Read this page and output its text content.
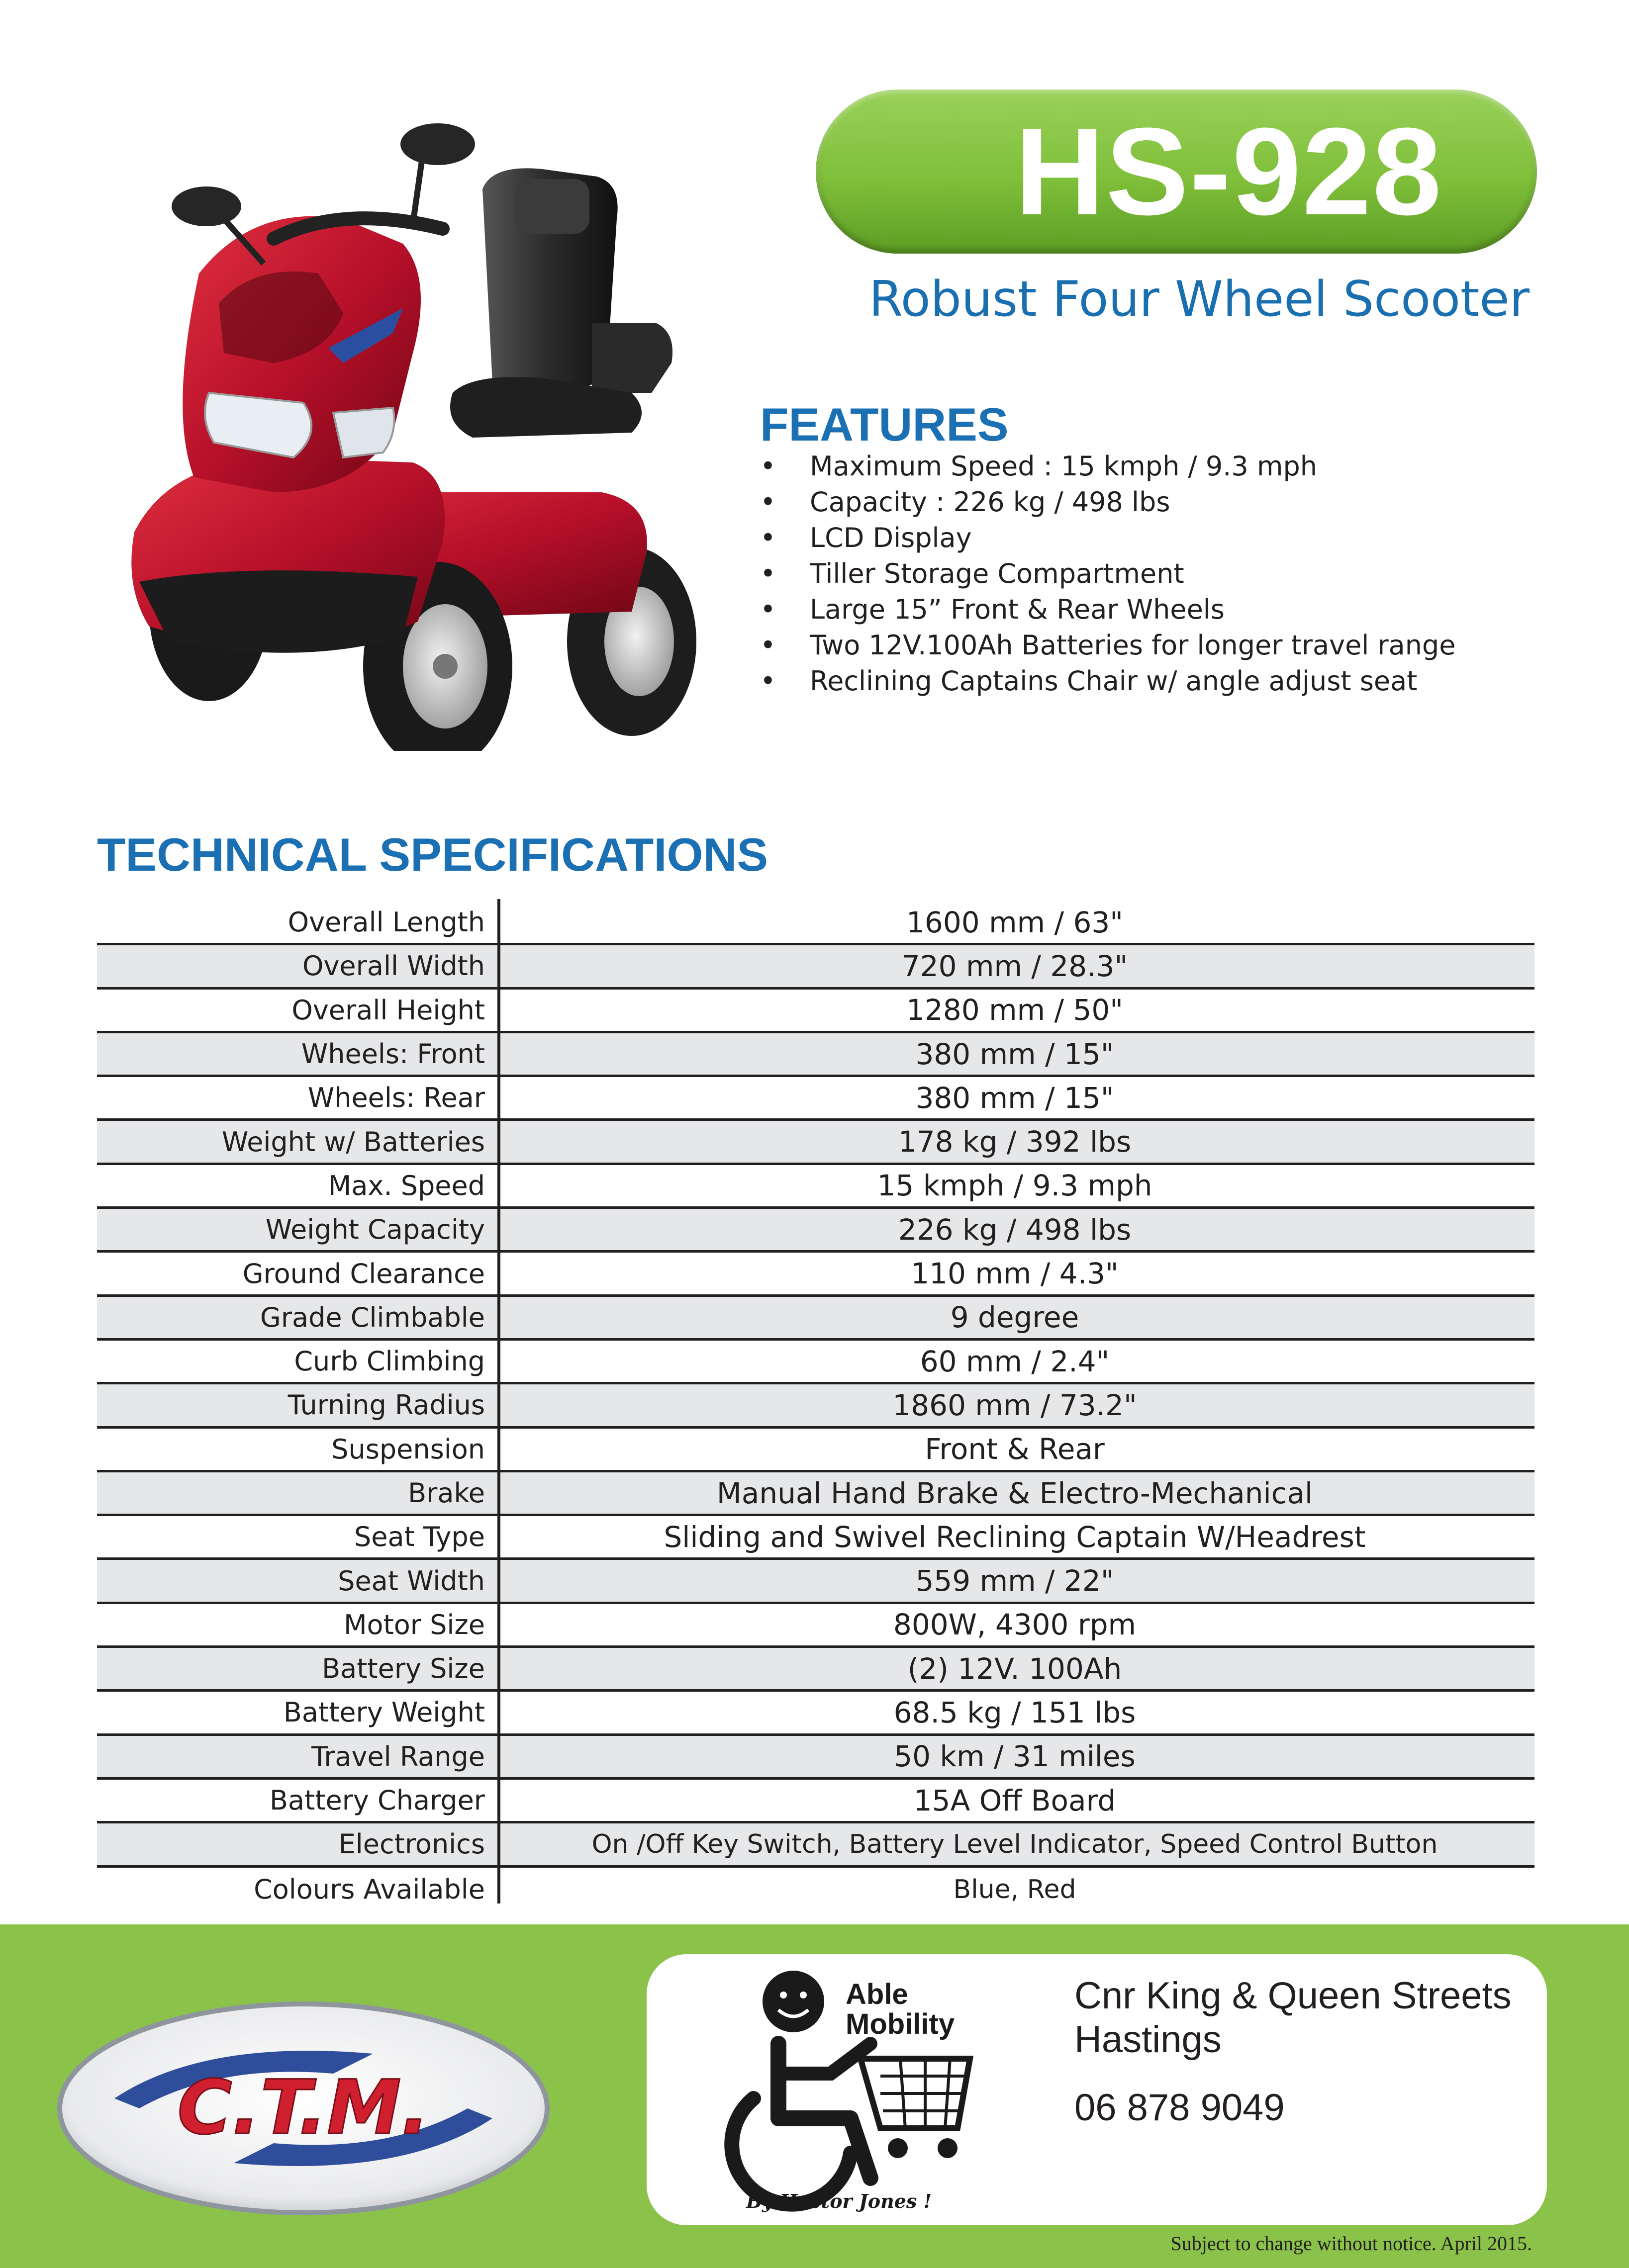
HS-928
Robust Four Wheel Scooter
FEATURES
• Maximum Speed : 15 kmph / 9.3 mph
• Capacity : 226 kg / 498 lbs
• LCD Display
• Tiller Storage Compartment
• Large 15” Front & Rear Wheels
• Two 12V.100Ah Batteries for longer travel range
• Reclining Captains Chair w/ angle adjust seat
TECHNICAL SPECIFICATIONS
Overall Length	1600 mm / 63"
Overall Width	720 mm / 28.3"
Overall Height	1280 mm / 50"
Wheels: Front	380 mm / 15"
Wheels: Rear	380 mm / 15"
Weight w/ Batteries	178 kg / 392 lbs
Max. Speed	15 kmph / 9.3 mph
Weight Capacity	226 kg / 498 lbs
Ground Clearance	110 mm / 4.3"
Grade Climbable	9 degree
Curb Climbing	60 mm / 2.4"
Turning Radius	1860 mm / 73.2"
Suspension	Front & Rear
Brake	Manual Hand Brake & Electro-Mechanical
Seat Type	Sliding and Swivel Reclining Captain W/Headrest
Seat Width	559 mm / 22"
Motor Size	800W, 4300 rpm
Battery Size	(2) 12V. 100Ah
Battery Weight	68.5 kg / 151 lbs
Travel Range	50 km / 31 miles
Battery Charger	15A Off Board
Electronics	On /Off Key Switch, Battery Level Indicator, Speed Control Button
Colours Available	Blue, Red
C.T.M.
Able
Mobility
By Hector Jones !
Cnr King & Queen Streets
Hastings
06 878 9049
Subject to change without notice. April 2015.
